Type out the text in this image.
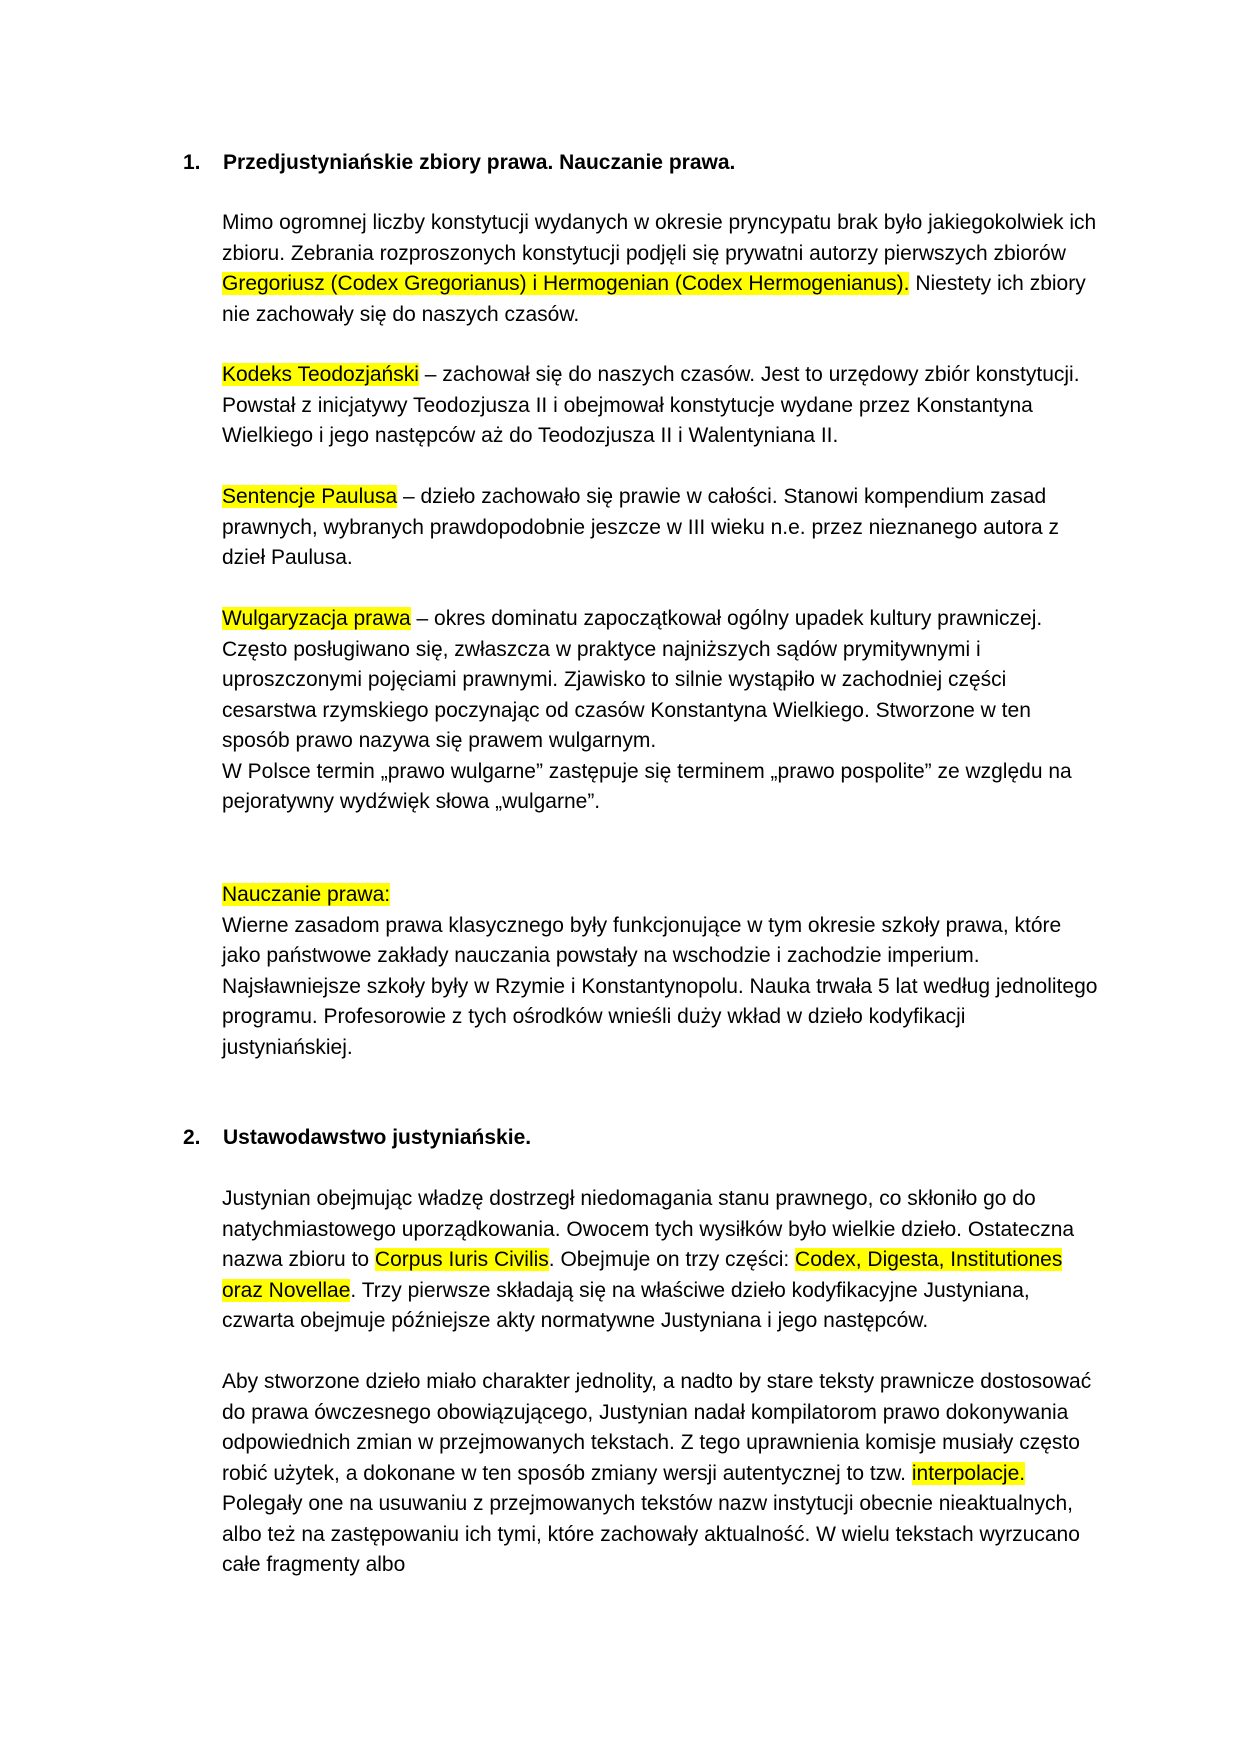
1. Przedjustyniańskie zbiory prawa. Nauczanie prawa.
Mimo ogromnej liczby konstytucji wydanych w okresie pryncypatu brak było jakiegokolwiek ich zbioru. Zebrania rozproszonych konstytucji podjęli się prywatni autorzy pierwszych zbiorów Gregoriusz (Codex Gregorianus) i Hermogenian (Codex Hermogenianus). Niestety ich zbiory nie zachowały się do naszych czasów.
Kodeks Teodozjański – zachował się do naszych czasów. Jest to urzędowy zbiór konstytucji. Powstał z inicjatywy Teodozjusza II i obejmował konstytucje wydane przez Konstantyna Wielkiego i jego następców aż do Teodozjusza II i Walentyniana II.
Sentencje Paulusa – dzieło zachowało się prawie w całości. Stanowi kompendium zasad prawnych, wybranych prawdopodobnie jeszcze w III wieku n.e. przez nieznanego autora z dzieł Paulusa.
Wulgaryzacja prawa – okres dominatu zapoczątkował ogólny upadek kultury prawniczej. Często posługiwano się, zwłaszcza w praktyce najniższych sądów prymitywnymi i uproszczonymi pojęciami prawnymi. Zjawisko to silnie wystąpiło w zachodniej części cesarstwa rzymskiego poczynając od czasów Konstantyna Wielkiego. Stworzone w ten sposób prawo nazywa się prawem wulgarnym.
W Polsce termin „prawo wulgarne” zastępuje się terminem „prawo pospolite” ze względu na pejoratywny wydźwięk słowa „wulgarne”.
Nauczanie prawa:
Wierne zasadom prawa klasycznego były funkcjonujące w tym okresie szkoły prawa, które jako państwowe zakłady nauczania powstały na wschodzie i zachodzie imperium. Najsławniejsze szkoły były w Rzymie i Konstantynopolu. Nauka trwała 5 lat według jednolitego programu. Profesorowie z tych ośrodków wnieśli duży wkład w dzieło kodyfikacji justyniańskiej.
2. Ustawodawstwo justyniańskie.
Justynian obejmując władzę dostrzegł niedomagania stanu prawnego, co skłoniło go do natychmiastowego uporządkowania. Owocem tych wysiłków było wielkie dzieło. Ostateczna nazwa zbioru to Corpus Iuris Civilis. Obejmuje on trzy części: Codex, Digesta, Institutiones oraz Novellae. Trzy pierwsze składają się na właściwe dzieło kodyfikacyjne Justyniana, czwarta obejmuje późniejsze akty normatywne Justyniana i jego następców.
Aby stworzone dzieło miało charakter jednolity, a nadto by stare teksty prawnicze dostosować do prawa ówczesnego obowiązującego, Justynian nadał kompilatorom prawo dokonywania odpowiednich zmian w przejmowanych tekstach. Z tego uprawnienia komisje musiały często robić użytek, a dokonane w ten sposób zmiany wersji autentycznej to tzw. interpolacje. Polegały one na usuwaniu z przejmowanych tekstów nazw instytucji obecnie nieaktualnych, albo też na zastępowaniu ich tymi, które zachowały aktualność. W wielu tekstach wyrzucano całe fragmenty albo
